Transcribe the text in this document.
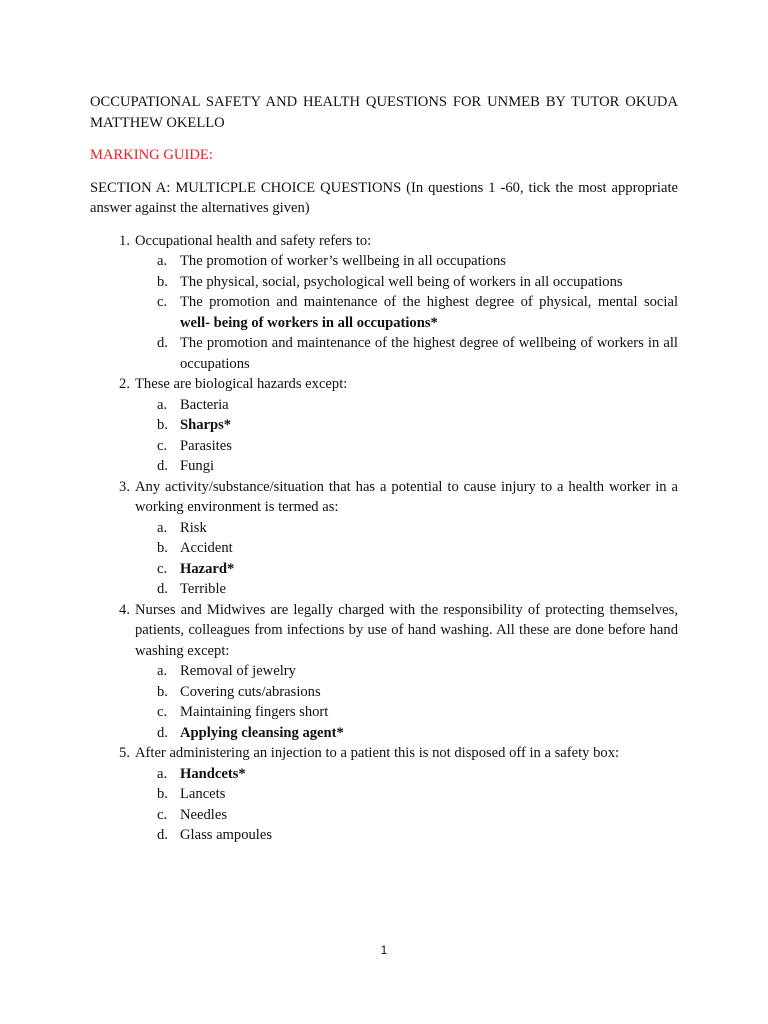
OCCUPATIONAL SAFETY AND HEALTH QUESTIONS FOR UNMEB BY TUTOR OKUDA MATTHEW OKELLO

MARKING GUIDE:

SECTION A: MULTICPLE CHOICE QUESTIONS (In questions 1 -60, tick the most appropriate answer against the alternatives given)

1. Occupational health and safety refers to:
a. The promotion of worker’s wellbeing in all occupations
b. The physical, social, psychological well being of workers in all occupations
c. The promotion and maintenance of the highest degree of physical, mental social well- being of workers in all occupations*
d. The promotion and maintenance of the highest degree of wellbeing of workers in all occupations
2. These are biological hazards except:
a. Bacteria
b. Sharps*
c. Parasites
d. Fungi
3. Any activity/substance/situation that has a potential to cause injury to a health worker in a working environment is termed as:
a. Risk
b. Accident
c. Hazard*
d. Terrible
4. Nurses and Midwives are legally charged with the responsibility of protecting themselves, patients, colleagues from infections by use of hand washing. All these are done before hand washing except:
a. Removal of jewelry
b. Covering cuts/abrasions
c. Maintaining fingers short
d. Applying cleansing agent*
5. After administering an injection to a patient this is not disposed off in a safety box:
a. Handcets*
b. Lancets
c. Needles
d. Glass ampoules
1
